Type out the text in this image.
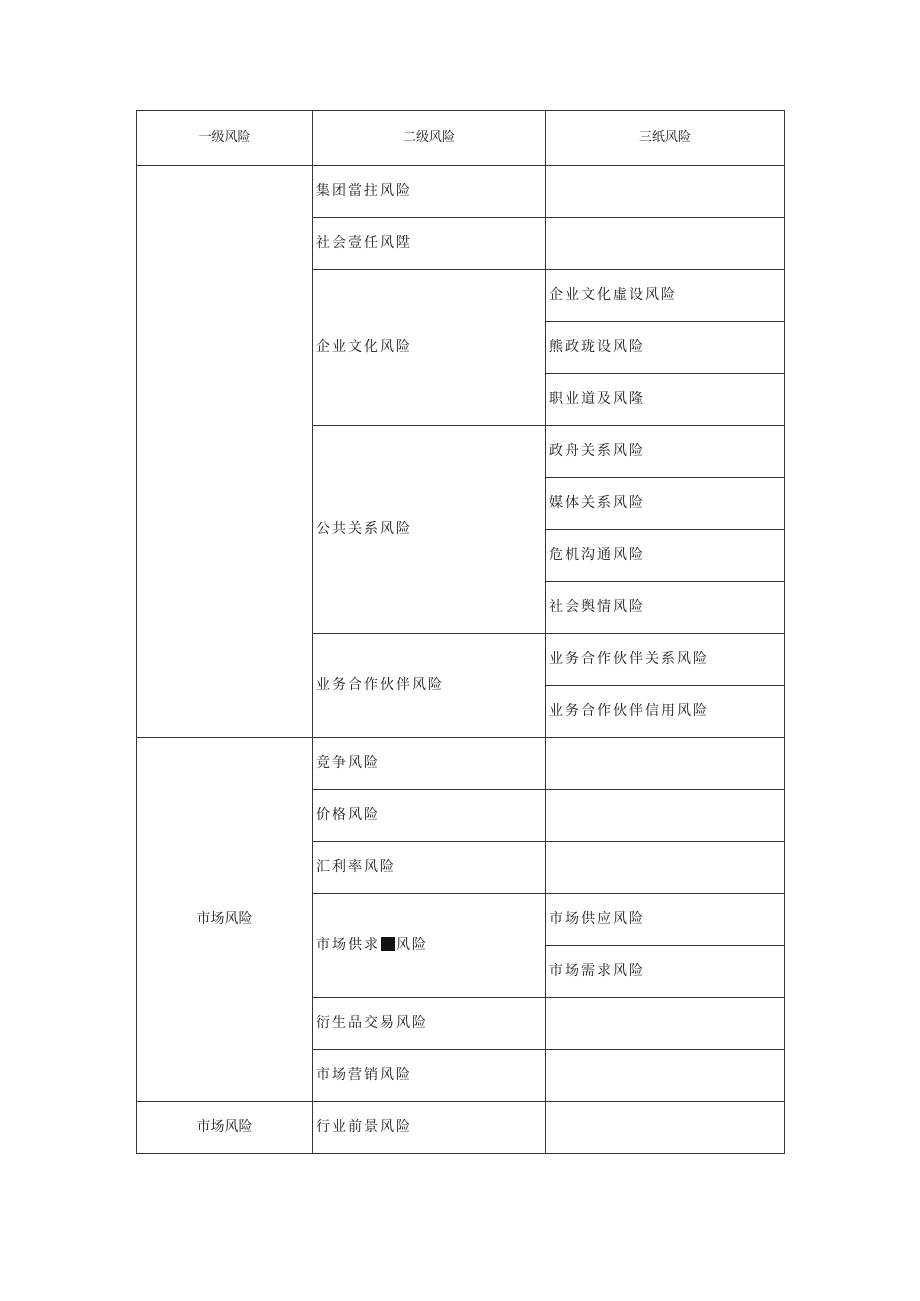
一级风险	二级风险	三纸风险
	集团當拄风险	
	社会壹任风陞	
	企业文化风险	企业文化虛设风险
		熊政珑设风险
		职业道及风隆
	公共关系风险	政舟关系风险
		媒体关系风险
		危机沟通风险
		社会舆情风险
	业务合作伙伴风险	业务合作伙伴关系风险
		业务合作伙伴信用风险
市场风险	竞争风险	
	价格风险	
	汇利率风险	
	市场供求 风险	市场供应风险
		市场需求风险
	衍生品交易风险	
	市场营销风险	
市场风险	行业前景风险	
